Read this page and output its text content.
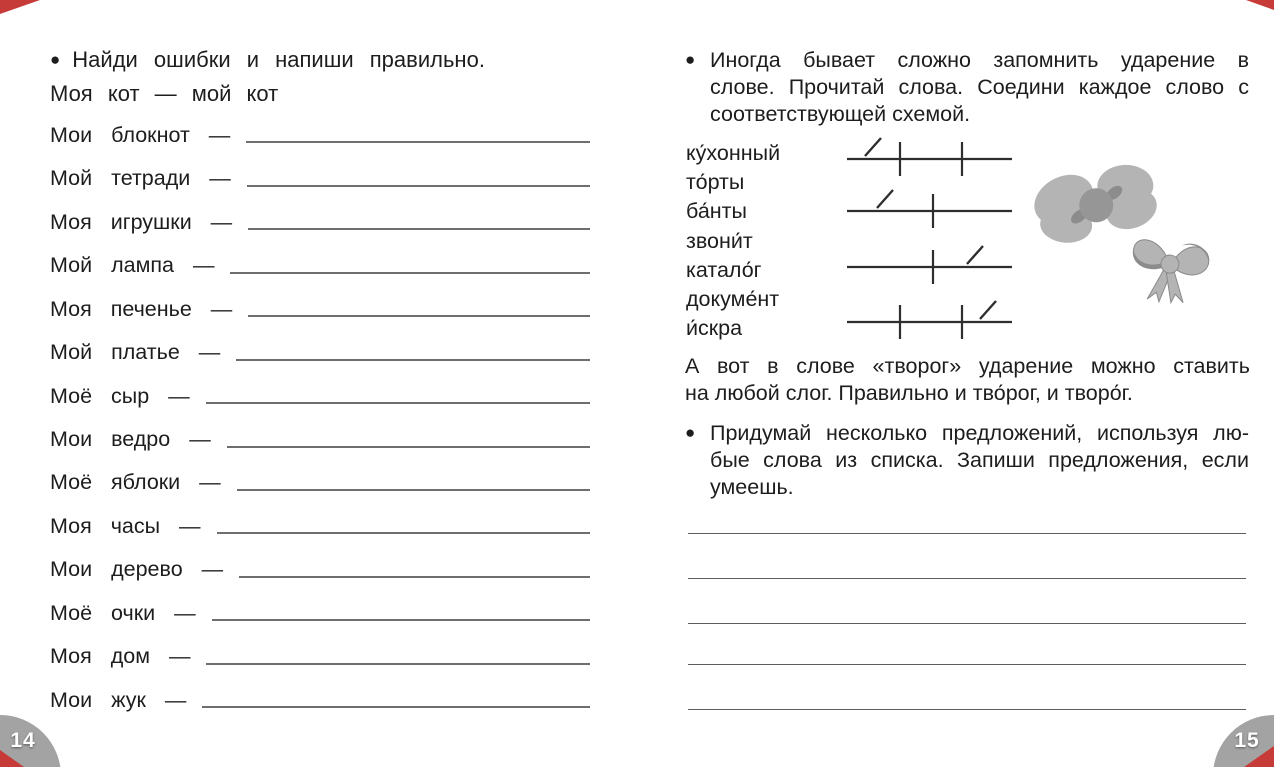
● Найди ошибки и напиши правильно.
Моя кот — мой кот
Мои блокнот —
Мой тетради —
Моя игрушки —
Мой лампа —
Моя печенье —
Мой платье —
Моё сыр —
Мои ведро —
Моё яблоки —
Моя часы —
Мои дерево —
Моё очки —
Моя дом —
Мои жук —
● Иногда бывает сложно запомнить ударение в
слове. Прочитай слова. Соедини каждое слово с
соответствующей схемой.
ку́хонный
то́рты
ба́нты
звони́т
катало́г
докуме́нт
и́скра
А вот в слове «творог» ударение можно ставить
на любой слог. Правильно и тво́рог, и творо́г.
● Придумай несколько предложений, используя лю-
бые слова из списка. Запиши предложения, если
умеешь.
14	15
